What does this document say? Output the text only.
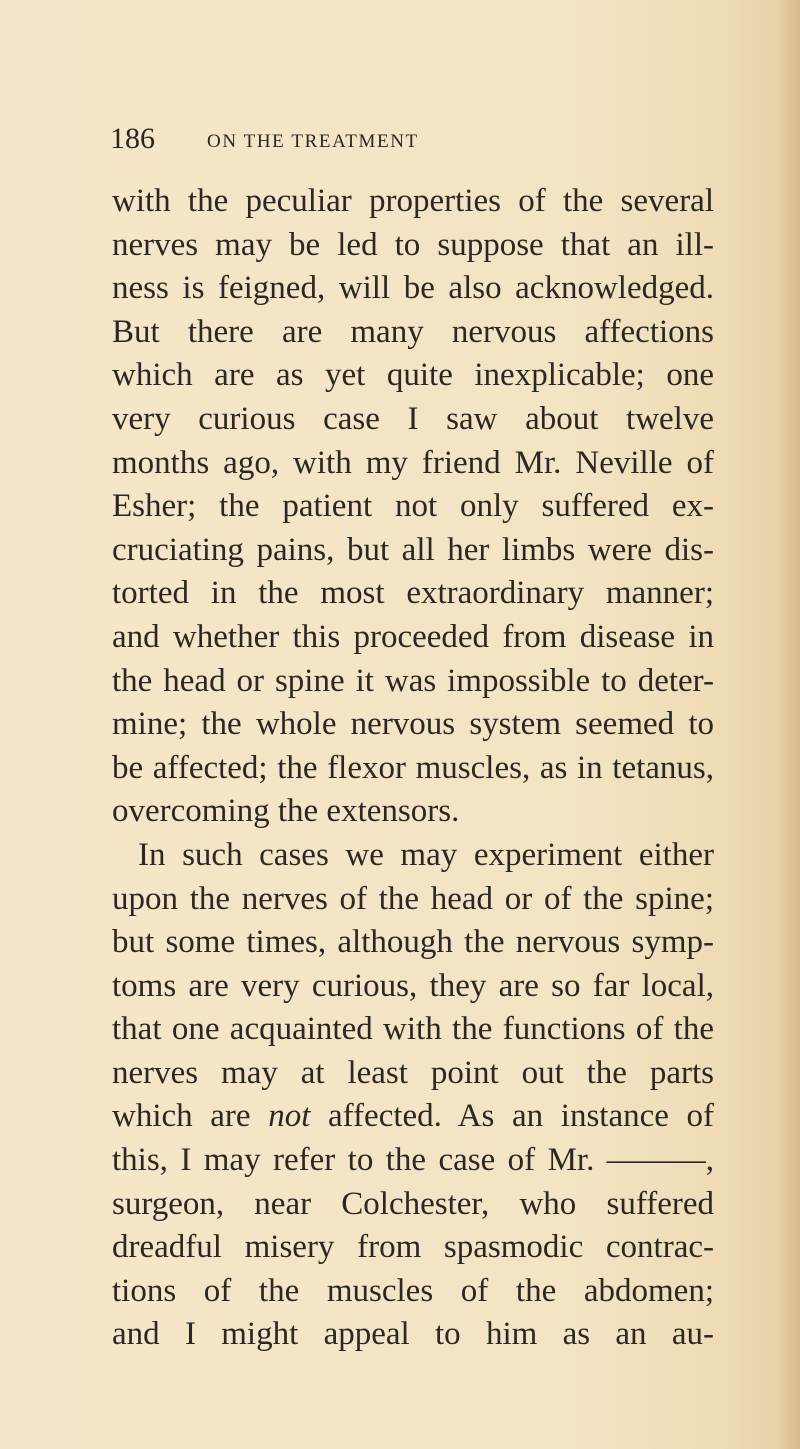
186	ON THE TREATMENT
with the peculiar properties of the several
nerves may be led to suppose that an ill-
ness is feigned, will be also acknowledged.
But there are many nervous affections
which are as yet quite inexplicable; one
very curious case I saw about twelve
months ago, with my friend Mr. Neville of
Esher; the patient not only suffered ex-
cruciating pains, but all her limbs were dis-
torted in the most extraordinary manner;
and whether this proceeded from disease in
the head or spine it was impossible to deter-
mine; the whole nervous system seemed to
be affected; the flexor muscles, as in tetanus,
overcoming the extensors.
In such cases we may experiment either
upon the nerves of the head or of the spine;
but some times, although the nervous symp-
toms are very curious, they are so far local,
that one acquainted with the functions of the
nerves may at least point out the parts
which are not affected. As an instance of
this, I may refer to the case of Mr. ———,
surgeon, near Colchester, who suffered
dreadful misery from spasmodic contrac-
tions of the muscles of the abdomen;
and I might appeal to him as an au-
